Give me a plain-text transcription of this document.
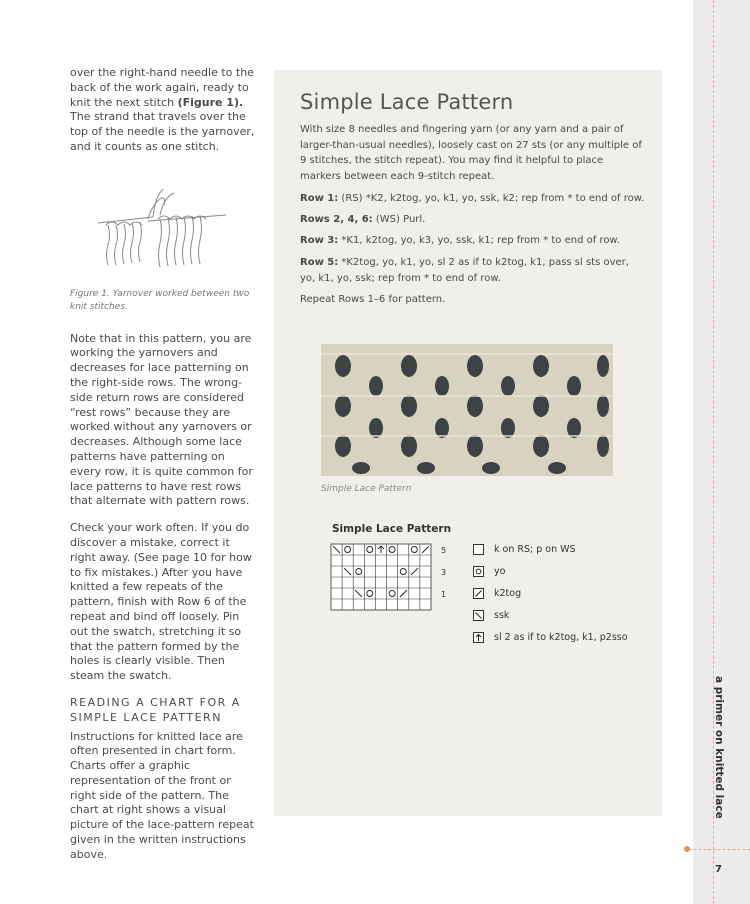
over the right-hand needle to the back of the work again, ready to knit the next stitch (Figure 1). The strand that travels over the top of the needle is the yarnover, and it counts as one stitch.

Figure 1. Yarnover worked between two knit stitches.

Note that in this pattern, you are working the yarnovers and decreases for lace patterning on the right-side rows. The wrong-side return rows are considered “rest rows” because they are worked without any yarnovers or decreases. Although some lace patterns have patterning on every row, it is quite common for lace patterns to have rest rows that alternate with pattern rows.

Check your work often. If you do discover a mistake, correct it right away. (See page 10 for how to fix mistakes.) After you have knitted a few repeats of the pattern, finish with Row 6 of the repeat and bind off loosely. Pin out the swatch, stretching it so that the pattern formed by the holes is clearly visible. Then steam the swatch.

READING A CHART FOR A SIMPLE LACE PATTERN

Instructions for knitted lace are often presented in chart form. Charts offer a graphic representation of the front or right side of the pattern. The chart at right shows a visual picture of the lace-pattern repeat given in the written instructions above.

Simple Lace Pattern

With size 8 needles and fingering yarn (or any yarn and a pair of larger-than-usual needles), loosely cast on 27 sts (or any multiple of 9 stitches, the stitch repeat). You may find it helpful to place markers between each 9-stitch repeat.

Row 1: (RS) *K2, k2tog, yo, k1, yo, ssk, k2; rep from * to end of row.

Rows 2, 4, 6: (WS) Purl.

Row 3: *K1, k2tog, yo, k3, yo, ssk, k1; rep from * to end of row.

Row 5: *K2tog, yo, k1, yo, sl 2 as if to k2tog, k1, pass sl sts over, yo, k1, yo, ssk; rep from * to end of row.

Repeat Rows 1–6 for pattern.

Simple Lace Pattern

Simple Lace Pattern

5
3
1
k on RS; p on WS
yo
k2tog
ssk
sl 2 as if to k2tog, k1, p2sso
a primer on knitted lace

7
